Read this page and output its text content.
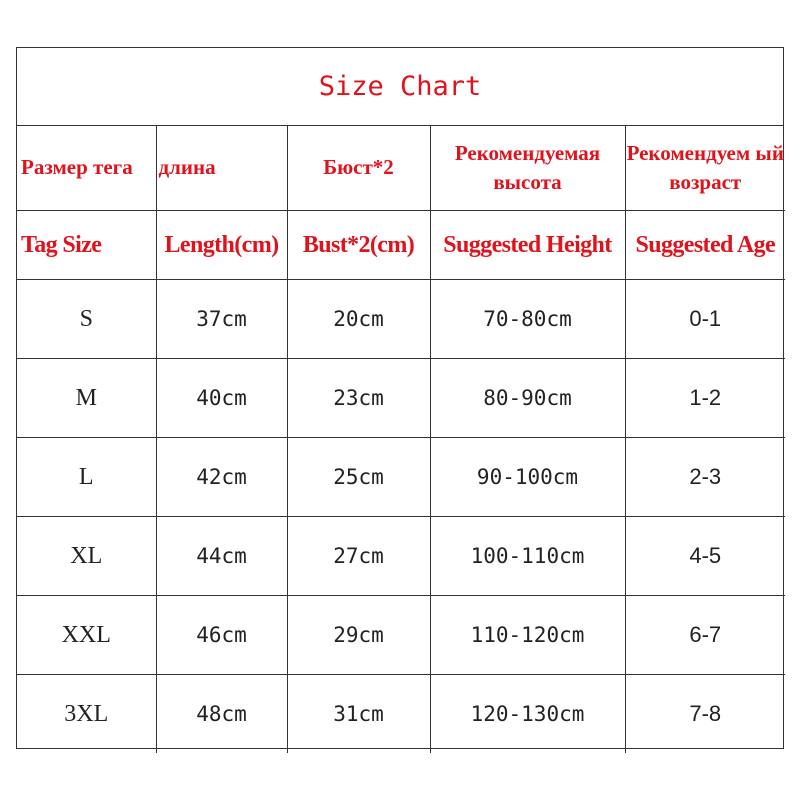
Size Chart
Размер тега	длина	Бюст*2	Рекомендуемая высота	Рекомендуем ый возраст
Tag Size	Length(cm)	Bust*2(cm)	Suggested Height	Suggested Age
S	37cm	20cm	70-80cm	0-1
M	40cm	23cm	80-90cm	1-2
L	42cm	25cm	90-100cm	2-3
XL	44cm	27cm	100-110cm	4-5
XXL	46cm	29cm	110-120cm	6-7
3XL	48cm	31cm	120-130cm	7-8
